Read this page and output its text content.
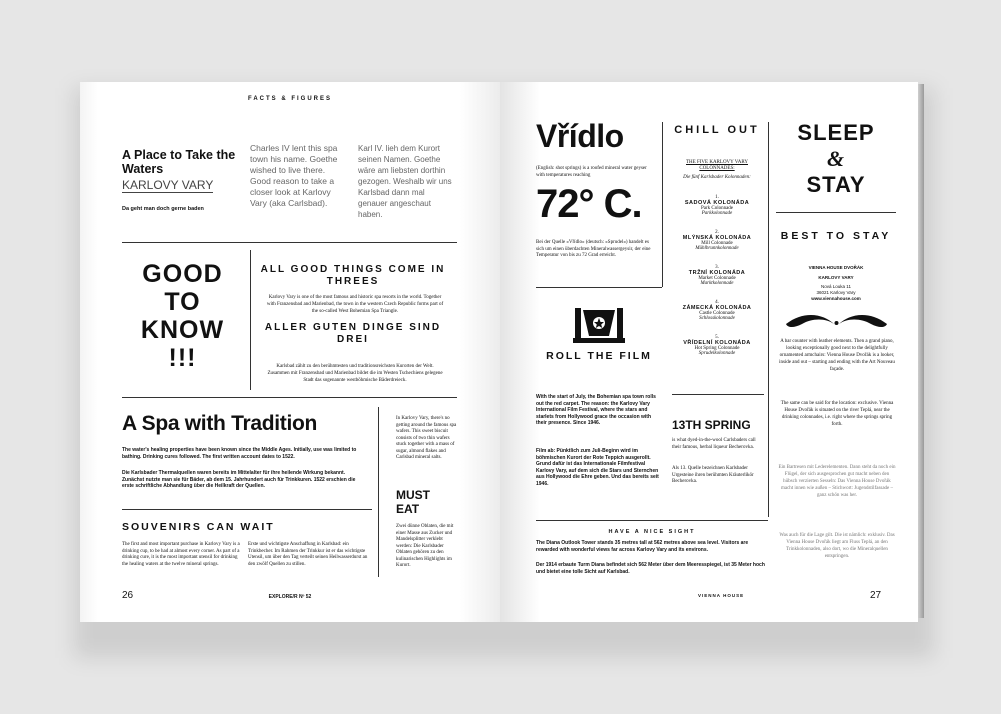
FACTS & FIGURES
A Place to Take the Waters
KARLOVY VARY
Da geht man doch gerne baden
Charles IV lent this spa town his name. Goethe wished to live there. Good reason to take a closer look at Karlovy Vary (aka Carlsbad).
Karl IV. lieh dem Kurort seinen Namen. Goethe wäre am liebsten dorthin gezogen. Weshalb wir uns Karlsbad dann mal genauer angeschaut haben.
GOOD
TO
KNOW
!!!
ALL GOOD THINGS COME IN THREES
Karlovy Vary is one of the most famous and historic spa resorts in the world. Together with Franzensbad and Marienbad, the town in the western Czech Republic forms part of the so-called West Bohemian Spa Triangle.
ALLER GUTEN DINGE SIND DREI
Karlsbad zählt zu den berühmtesten und traditionsreichsten Kurorten der Welt. Zusammen mit Franzensbad und Marienbad bildet die im Westen Tschechiens gelegene Stadt das sogenannte westböhmische Bäderdreieck.
A Spa with Tradition
The water's healing properties have been known since the Middle Ages. Initially, use was limited to bathing. Drinking cures followed. The first written account dates to 1522.
Die Karlsbader Thermalquellen waren bereits im Mittelalter für ihre heilende Wirkung bekannt. Zunächst nutzte man sie für Bäder, ab dem 15. Jahrhundert auch für Trinkkuren. 1522 erschien die erste schriftliche Abhandlung über die Heilkraft der Quellen.
In Karlovy Vary, there's no getting around the famous spa wafers. This sweet biscuit consists of two thin wafers stuck together with a mass of sugar, almond flakes and Carlsbad mineral salts.
MUST EAT
Zwei dünne Oblaten, die mit einer Masse aus Zucker und Mandelsplitter verklebt werden: Die Karlsbader Oblaten gehören zu den kulinarischen Highlights im Kurort.
SOUVENIRS CAN WAIT
The first and most important purchase in Karlovy Vary is a drinking cup, to be had at almost every corner. As part of a drinking cure, it is the most important utensil for drinking the healing waters at the twelve mineral springs.
Erste und wichtigste Anschaffung in Karlsbad: ein Trinkbecher. Im Rahmen der Trinkkur ist er das wichtigste Utensil, um über den Tag verteilt seinen Heilwasserdurst an den zwölf Quellen zu stillen.
26	EXPLORE/R Nº 52
Vřídlo
(English: shot springs) is a roofed mineral water geyser with temperatures reaching
72° C.
Bei der Quelle »Vřídlo« (deutsch: »Sprudel«) handelt es sich um einen überdachten Mineralwassergeysir, der eine Temperatur von bis zu 72 Grad erreicht.
ROLL THE FILM
With the start of July, the Bohemian spa town rolls out the red carpet. The reason: the Karlovy Vary International Film Festival, where the stars and starlets from Hollywood grace the occasion with their presence. Since 1946.
Film ab: Pünktlich zum Juli-Beginn wird im böhmischen Kurort der Rote Teppich ausgerollt. Grund dafür ist das Internationale Filmfestival Karlovy Vary, auf dem sich die Stars und Sternchen aus Hollywood die Ehre geben. Und das bereits seit 1946.
CHILL OUT
THE FIVE KARLOVY VARY COLONNADES:
Die fünf Karlsbader Kolonnaden:
1.
SADOVÁ KOLONÁDA
Park Colonnade
Parkkolonnade
2.
MLÝNSKÁ KOLONÁDA
Mill Colonnade
Mühlbrunnkolonnade
3.
TRŽNÍ KOLONÁDA
Market Colonnade
Marktkolonnade
4.
ZÁMECKÁ KOLONÁDA
Castle Colonnade
Schlosskolonnade
5.
VŘÍDELNÍ KOLONÁDA
Hot Spring Colonnade
Sprudelkolonnade
13TH SPRING
is what dyed-in-the-wool Carlsbaders call their famous, herbal liqueur Becherovka.
Als 13. Quelle bezeichnen Karlsbader Urgesteine ihren berühmten Kräuterlikör Becherovka.
SLEEP
&
STAY
BEST TO STAY
VIENNA HOUSE DVOŘÁK
KARLOVY VARY
Nová Louka 11
36021 Karlovy Vary
www.viennahouse.com
A bar counter with leather elements. Then a grand piano, looking exceptionally good next to the delightfully ornamented armchairs: Vienna House Dvořák is a looker, inside and out – starting and ending with the Art Nouveau façade.
The same can be said for the location: exclusive. Vienna House Dvořák is situated on the river Teplá, near the drinking colonnades, i.e. right where the springs spring forth.
Ein Bartresen mit Lederelementen. Dann steht da noch ein Flügel, der sich ausgesprochen gut macht neben den hübsch verzierten Sesseln: Das Vienna House Dvořák macht innen wie außen – Stichwort: Jugendstilfassade – ganz schön was her.
Was auch für die Lage gilt. Die ist nämlich: exklusiv. Das Vienna House Dvořák liegt am Fluss Teplá, an den Trinkkolonnaden, also dort, wo die Mineralquellen entspringen.
HAVE A NICE SIGHT
The Diana Outlook Tower stands 35 metres tall at 562 metres above sea level. Visitors are rewarded with wonderful views far across Karlovy Vary and its environs.
Der 1914 erbaute Turm Diana befindet sich 562 Meter über dem Meeresspiegel, ist 35 Meter hoch und bietet eine tolle Sicht auf Karlsbad.
VIENNA HOUSE	27
